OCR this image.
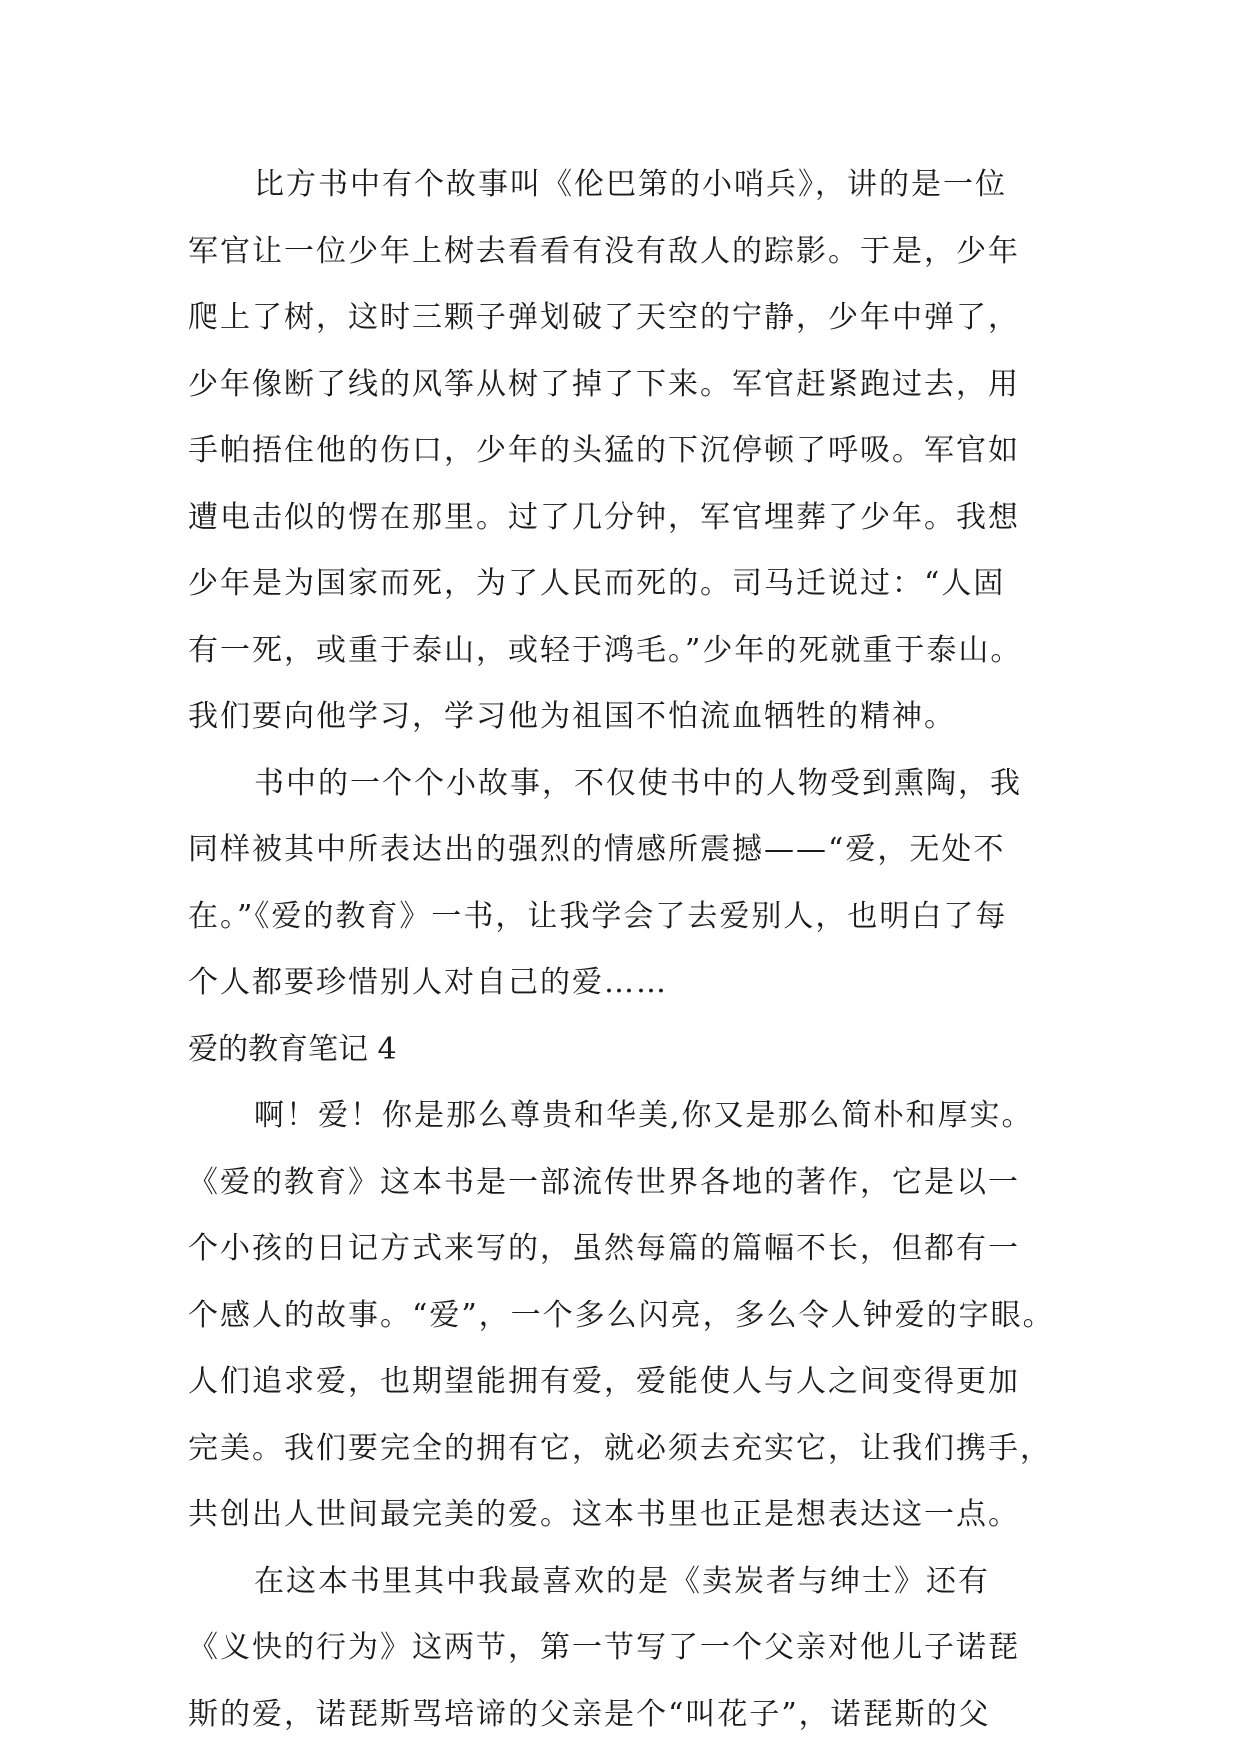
比方书中有个故事叫《伦巴第的小哨兵》，讲的是一位
军官让一位少年上树去看看有没有敌人的踪影。于是，少年
爬上了树，这时三颗子弹划破了天空的宁静，少年中弹了，
少年像断了线的风筝从树了掉了下来。军官赶紧跑过去，用
手帕捂住他的伤口，少年的头猛的下沉停顿了呼吸。军官如
遭电击似的愣在那里。过了几分钟，军官埋葬了少年。我想
少年是为国家而死，为了人民而死的。司马迁说过：“人固
有一死，或重于泰山，或轻于鸿毛。”少年的死就重于泰山。
我们要向他学习，学习他为祖国不怕流血牺牲的精神。
书中的一个个小故事，不仅使书中的人物受到熏陶，我
同样被其中所表达出的强烈的情感所震撼——“爱，无处不
在。”《爱的教育》一书，让我学会了去爱别人，也明白了每
个人都要珍惜别人对自己的爱……
爱的教育笔记 4
啊！爱！你是那么尊贵和华美,你又是那么简朴和厚实。
《爱的教育》这本书是一部流传世界各地的著作，它是以一
个小孩的日记方式来写的，虽然每篇的篇幅不长，但都有一
个感人的故事。“爱”，一个多么闪亮，多么令人钟爱的字眼。
人们追求爱，也期望能拥有爱，爱能使人与人之间变得更加
完美。我们要完全的拥有它，就必须去充实它，让我们携手，
共创出人世间最完美的爱。这本书里也正是想表达这一点。
在这本书里其中我最喜欢的是《卖炭者与绅士》还有
《义快的行为》这两节，第一节写了一个父亲对他儿子诺琵
斯的爱，诺琵斯骂培谛的父亲是个“叫花子”，诺琵斯的父
